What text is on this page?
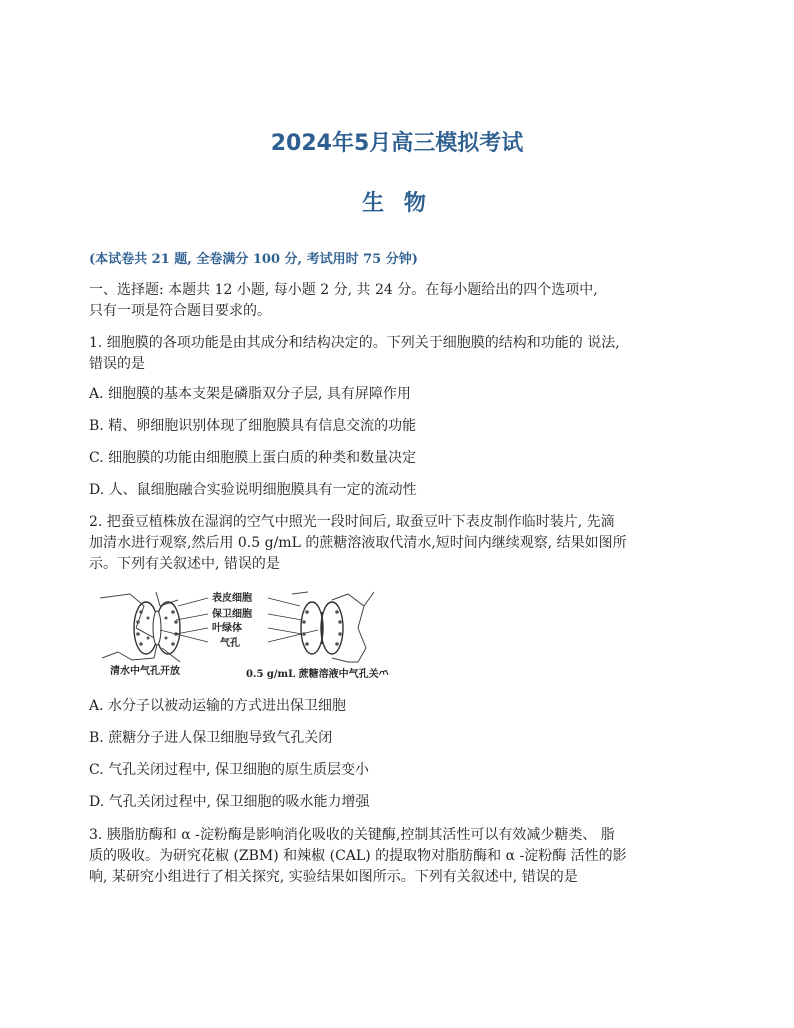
2024年5月高三模拟考试
生 物

(本试卷共 21 题, 全卷满分 100 分, 考试用时 75 分钟)

一、选择题: 本题共 12 小题, 每小题 2 分, 共 24 分。在每小题给出的四个选项中,

只有一项是符合题目要求的。

1. 细胞膜的各项功能是由其成分和结构决定的。下列关于细胞膜的结构和功能的 说法,

错误的是

A. 细胞膜的基本支架是磷脂双分子层, 具有屏障作用

B. 精、卵细胞识别体现了细胞膜具有信息交流的功能

C. 细胞膜的功能由细胞膜上蛋白质的种类和数量决定

D. 人、鼠细胞融合实验说明细胞膜具有一定的流动性

2. 把蚕豆植株放在湿润的空气中照光一段时间后, 取蚕豆叶下表皮制作临时装片, 先滴

加清水进行观察,然后用 0.5 g/mL 的蔗糖溶液取代清水,短时间内继续观察, 结果如图所

示。下列有关叙述中, 错误的是

表皮细胞
保卫细胞
叶绿体
气孔
清水中气孔开放	0.5 g/mL 蔗糖溶液中气孔关⺤

A. 水分子以被动运输的方式进出保卫细胞

B. 蔗糖分子进人保卫细胞导致气孔关闭

C. 气孔关闭过程中, 保卫细胞的原生质层变小

D. 气孔关闭过程中, 保卫细胞的吸水能力增强

3. 胰脂肪酶和 α -淀粉酶是影响消化吸收的关键酶,控制其活性可以有效减少糖类、 脂

质的吸收。为研究花椒 (ZBM) 和辣椒 (CAL) 的提取物对脂肪酶和 α -淀粉酶 活性的影

响, 某研究小组进行了相关探究, 实验结果如图所示。下列有关叙述中, 错误的是
